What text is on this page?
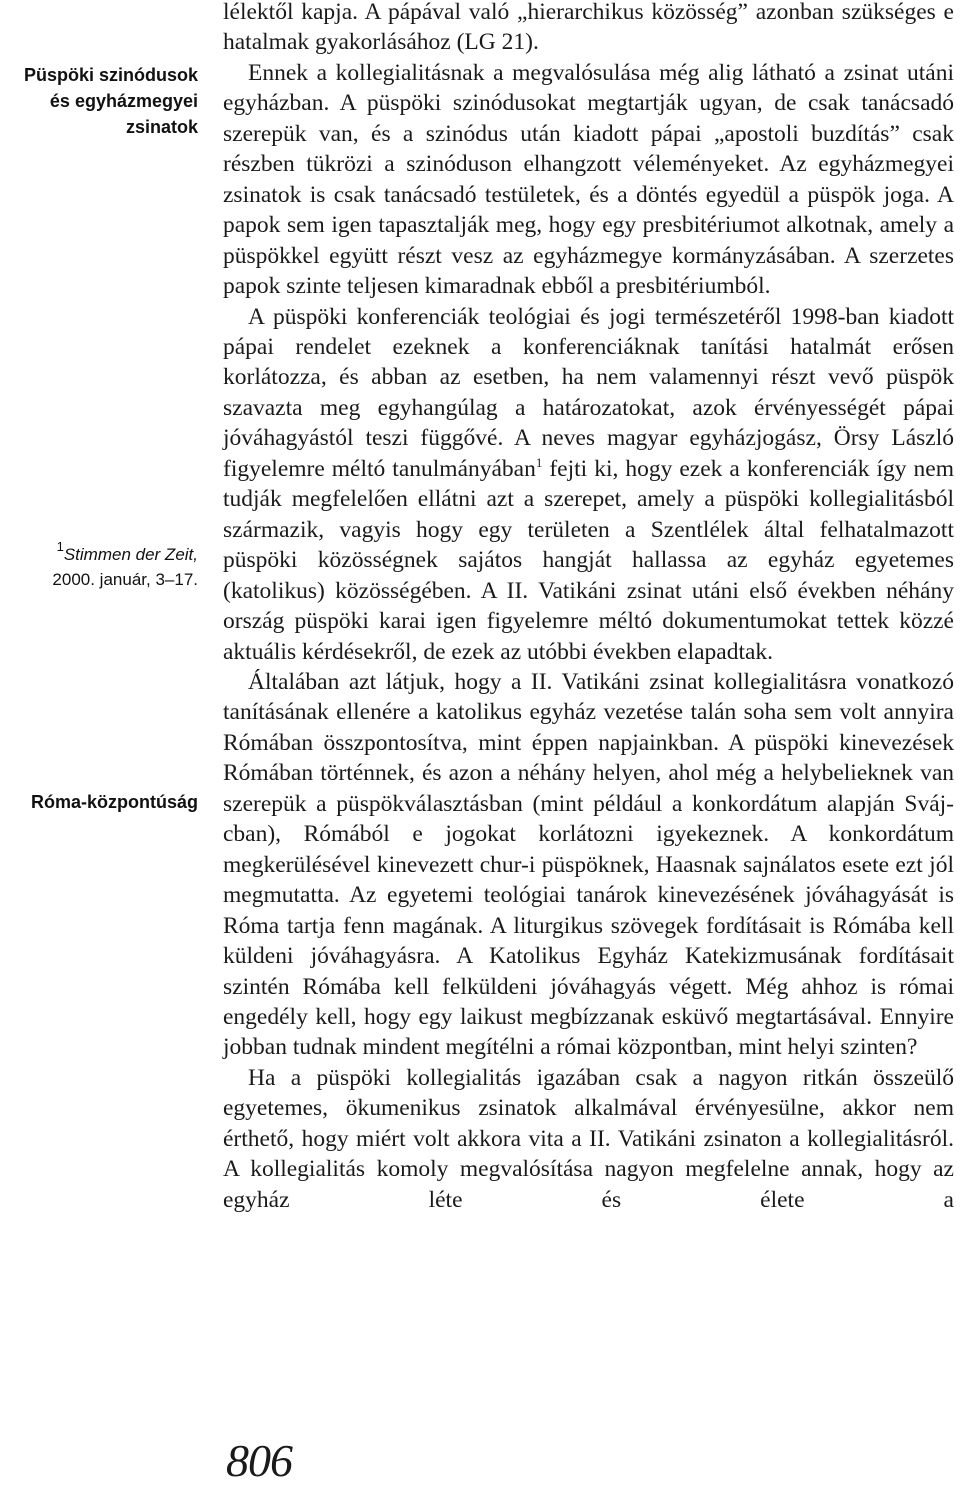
Püspöki szinódusok
és egyházmegyei
zsinatok
$^1$Stimmen der Zeit,
2000. január, 3–17.
Róma-központúság

lélektől kapja. A pápával való „hierarchikus közösség” azonban szükséges e hatalmak gyakorlásához (LG 21).

Ennek a kollegialitásnak a megvalósulása még alig látható a zsinat utáni egyházban. A püspöki szinódusokat megtartják ugyan, de csak tanácsadó szerepük van, és a szinódus után kiadott pápai „apostoli buzdítás” csak részben tükrözi a szinóduson elhangzott véleményeket. Az egyházmegyei zsinatok is csak tanácsadó testületek, és a döntés egyedül a püspök joga. A papok sem igen tapasztalják meg, hogy egy presbitériumot alkotnak, amely a püspökkel együtt részt vesz az egyházmegye kormányzásában. A szerzetes papok szinte teljesen kimaradnak ebből a presbitériumból.

A püspöki konferenciák teológiai és jogi természetéről 1998-ban kiadott pápai rendelet ezeknek a konferenciáknak tanítási hatalmát erősen korlátozza, és abban az esetben, ha nem valamennyi részt vevő püspök szavazta meg egyhangúlag a határozatokat, azok érvényességét pápai jóváhagyástól teszi függővé. A neves magyar egyházjogász, Örsy László figyelemre méltó tanulmányában$^1$ fejti ki, hogy ezek a konferenciák így nem tudják megfelelően ellátni azt a szerepet, amely a püspöki kollegialitásból származik, vagyis hogy egy területen a Szentlélek által felhatalmazott püspöki közösségnek sajátos hangját hallassa az egyház egyetemes (katolikus) közösségében. A II. Vatikáni zsinat utáni első években néhány ország püspöki karai igen figyelemre méltó dokumentumokat tettek közzé aktuális kérdésekről, de ezek az utóbbi években elapadtak.

Általában azt látjuk, hogy a II. Vatikáni zsinat kollegialitásra vonatkozó tanításának ellenére a katolikus egyház vezetése talán soha sem volt annyira Rómában összpontosítva, mint éppen napjainkban. A püspöki kinevezések Rómában történnek, és azon a néhány helyen, ahol még a helybelieknek van szerepük a püspökválasztásban (mint például a konkordátum alapján Svájcban), Rómából e jogokat korlátozni igyekeznek. A konkordátum megkerülésével kinevezett chur-i püspöknek, Haasnak sajnálatos esete ezt jól megmutatta. Az egyetemi teológiai tanárok kinevezésének jóváhagyását is Róma tartja fenn magának. A liturgikus szövegek fordításait is Rómába kell küldeni jóváhagyásra. A Katolikus Egyház Katekizmusának fordításait szintén Rómába kell felküldeni jóváhagyás végett. Még ahhoz is római engedély kell, hogy egy laikust megbízzanak esküvő megtartásával. Ennyire jobban tudnak mindent megítélni a római központban, mint helyi szinten?

Ha a püspöki kollegialitás igazában csak a nagyon ritkán összeülő egyetemes, ökumenikus zsinatok alkalmával érvényesülne, akkor nem érthető, hogy miért volt akkora vita a II. Vatikáni zsinaton a kollegialitásról. A kollegialitás komoly megvalósítása nagyon megfelelne annak, hogy az egyház léte és élete a

806
